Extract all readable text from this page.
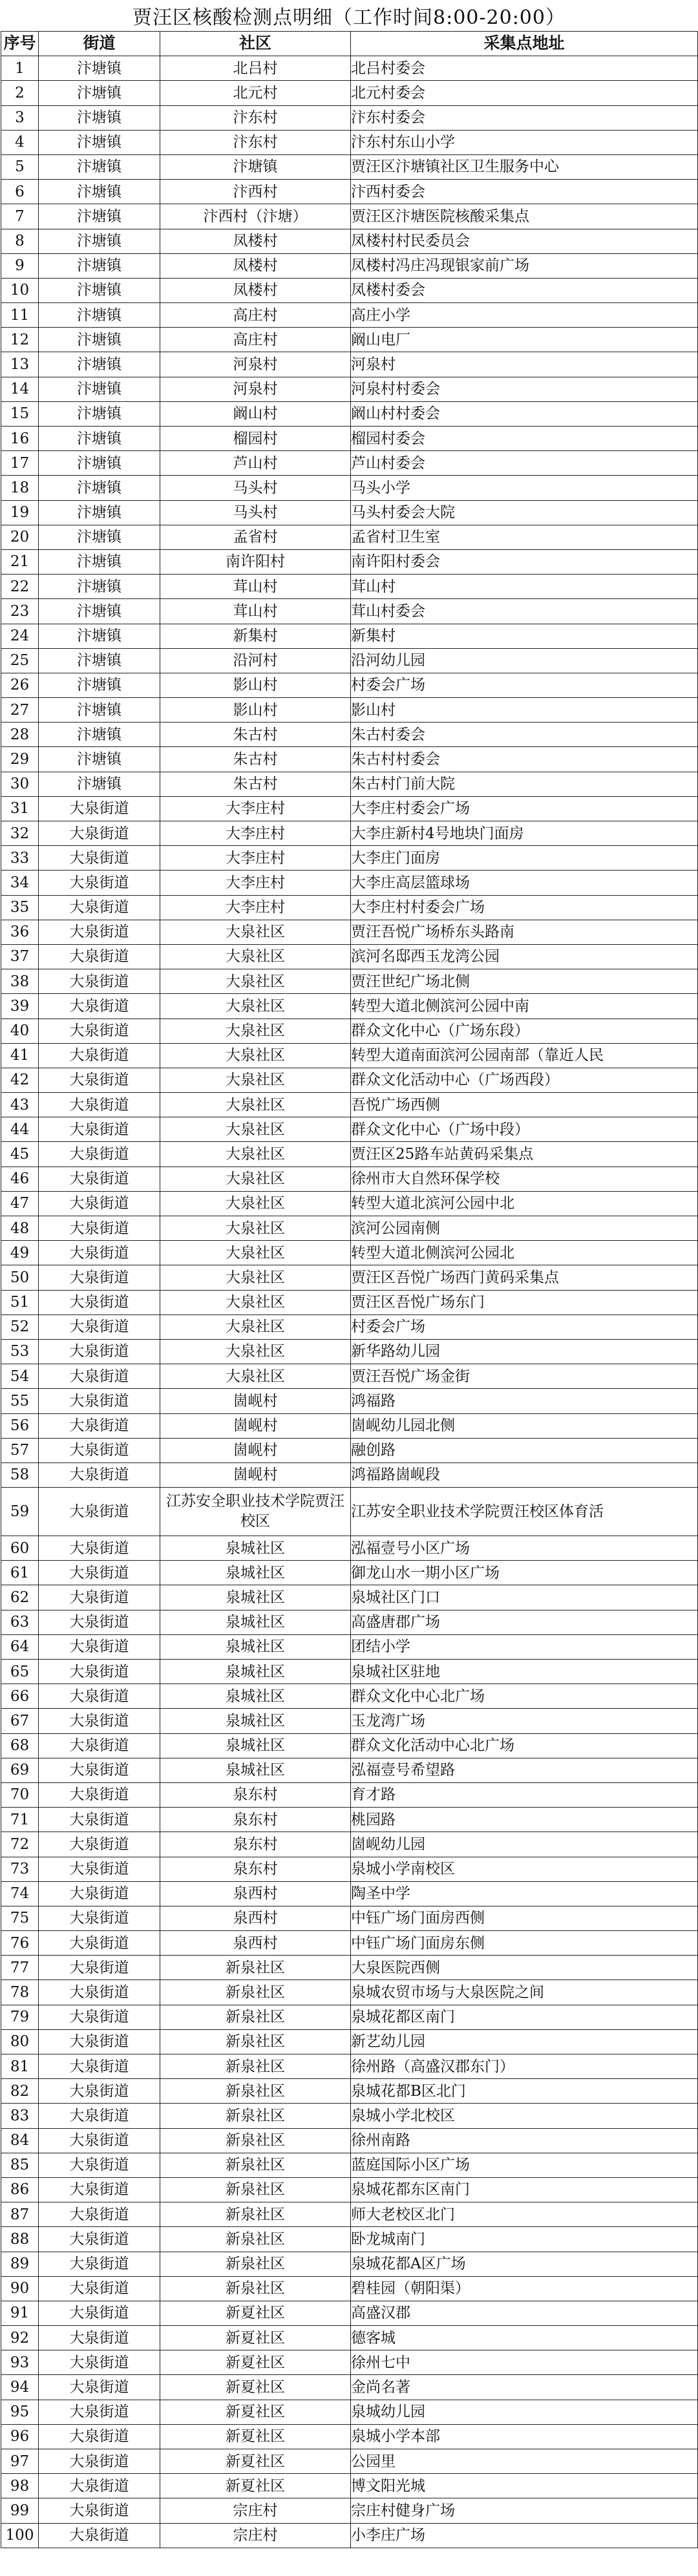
贾汪区核酸检测点明细（工作时间8:00-20:00）
序号	街道	社区	采集点地址
1	汴塘镇	北吕村	北吕村委会
2	汴塘镇	北元村	北元村委会
3	汴塘镇	汴东村	汴东村委会
4	汴塘镇	汴东村	汴东村东山小学
5	汴塘镇	汴塘镇	贾汪区汴塘镇社区卫生服务中心
6	汴塘镇	汴西村	汴西村委会
7	汴塘镇	汴西村（汴塘）	贾汪区汴塘医院核酸采集点
8	汴塘镇	凤楼村	凤楼村村民委员会
9	汴塘镇	凤楼村	凤楼村冯庄冯现银家前广场
10	汴塘镇	凤楼村	凤楼村委会
11	汴塘镇	高庄村	高庄小学
12	汴塘镇	高庄村	阚山电厂
13	汴塘镇	河泉村	河泉村
14	汴塘镇	河泉村	河泉村村委会
15	汴塘镇	阚山村	阚山村村委会
16	汴塘镇	榴园村	榴园村委会
17	汴塘镇	芦山村	芦山村委会
18	汴塘镇	马头村	马头小学
19	汴塘镇	马头村	马头村委会大院
20	汴塘镇	孟省村	孟省村卫生室
21	汴塘镇	南许阳村	南许阳村委会
22	汴塘镇	茸山村	茸山村
23	汴塘镇	茸山村	茸山村委会
24	汴塘镇	新集村	新集村
25	汴塘镇	沿河村	沿河幼儿园
26	汴塘镇	影山村	村委会广场
27	汴塘镇	影山村	影山村
28	汴塘镇	朱古村	朱古村委会
29	汴塘镇	朱古村	朱古村村委会
30	汴塘镇	朱古村	朱古村门前大院
31	大泉街道	大李庄村	大李庄村委会广场
32	大泉街道	大李庄村	大李庄新村4号地块门面房
33	大泉街道	大李庄村	大李庄门面房
34	大泉街道	大李庄村	大李庄高层篮球场
35	大泉街道	大李庄村	大李庄村村委会广场
36	大泉街道	大泉社区	贾汪吾悦广场桥东头路南
37	大泉街道	大泉社区	滨河名邸西玉龙湾公园
38	大泉街道	大泉社区	贾汪世纪广场北侧
39	大泉街道	大泉社区	转型大道北侧滨河公园中南
40	大泉街道	大泉社区	群众文化中心（广场东段）
41	大泉街道	大泉社区	转型大道南面滨河公园南部（靠近人民
42	大泉街道	大泉社区	群众文化活动中心（广场西段）
43	大泉街道	大泉社区	吾悦广场西侧
44	大泉街道	大泉社区	群众文化中心（广场中段）
45	大泉街道	大泉社区	贾汪区25路车站黄码采集点
46	大泉街道	大泉社区	徐州市大自然环保学校
47	大泉街道	大泉社区	转型大道北滨河公园中北
48	大泉街道	大泉社区	滨河公园南侧
49	大泉街道	大泉社区	转型大道北侧滨河公园北
50	大泉街道	大泉社区	贾汪区吾悦广场西门黄码采集点
51	大泉街道	大泉社区	贾汪区吾悦广场东门
52	大泉街道	大泉社区	村委会广场
53	大泉街道	大泉社区	新华路幼儿园
54	大泉街道	大泉社区	贾汪吾悦广场金街
55	大泉街道	崮岘村	鸿福路
56	大泉街道	崮岘村	崮岘幼儿园北侧
57	大泉街道	崮岘村	融创路
58	大泉街道	崮岘村	鸿福路崮岘段
59	大泉街道	江苏安全职业技术学院贾汪校区	江苏安全职业技术学院贾汪校区体育活
60	大泉街道	泉城社区	泓福壹号小区广场
61	大泉街道	泉城社区	御龙山水一期小区广场
62	大泉街道	泉城社区	泉城社区门口
63	大泉街道	泉城社区	高盛唐郡广场
64	大泉街道	泉城社区	团结小学
65	大泉街道	泉城社区	泉城社区驻地
66	大泉街道	泉城社区	群众文化中心北广场
67	大泉街道	泉城社区	玉龙湾广场
68	大泉街道	泉城社区	群众文化活动中心北广场
69	大泉街道	泉城社区	泓福壹号希望路
70	大泉街道	泉东村	育才路
71	大泉街道	泉东村	桃园路
72	大泉街道	泉东村	崮岘幼儿园
73	大泉街道	泉东村	泉城小学南校区
74	大泉街道	泉西村	陶圣中学
75	大泉街道	泉西村	中钰广场门面房西侧
76	大泉街道	泉西村	中钰广场门面房东侧
77	大泉街道	新泉社区	大泉医院西侧
78	大泉街道	新泉社区	泉城农贸市场与大泉医院之间
79	大泉街道	新泉社区	泉城花都区南门
80	大泉街道	新泉社区	新艺幼儿园
81	大泉街道	新泉社区	徐州路（高盛汉郡东门）
82	大泉街道	新泉社区	泉城花都B区北门
83	大泉街道	新泉社区	泉城小学北校区
84	大泉街道	新泉社区	徐州南路
85	大泉街道	新泉社区	蓝庭国际小区广场
86	大泉街道	新泉社区	泉城花都东区南门
87	大泉街道	新泉社区	师大老校区北门
88	大泉街道	新泉社区	卧龙城南门
89	大泉街道	新泉社区	泉城花都A区广场
90	大泉街道	新泉社区	碧桂园（朝阳渠）
91	大泉街道	新夏社区	高盛汉郡
92	大泉街道	新夏社区	德客城
93	大泉街道	新夏社区	徐州七中
94	大泉街道	新夏社区	金尚名著
95	大泉街道	新夏社区	泉城幼儿园
96	大泉街道	新夏社区	泉城小学本部
97	大泉街道	新夏社区	公园里
98	大泉街道	新夏社区	博文阳光城
99	大泉街道	宗庄村	宗庄村健身广场
100	大泉街道	宗庄村	小李庄广场
